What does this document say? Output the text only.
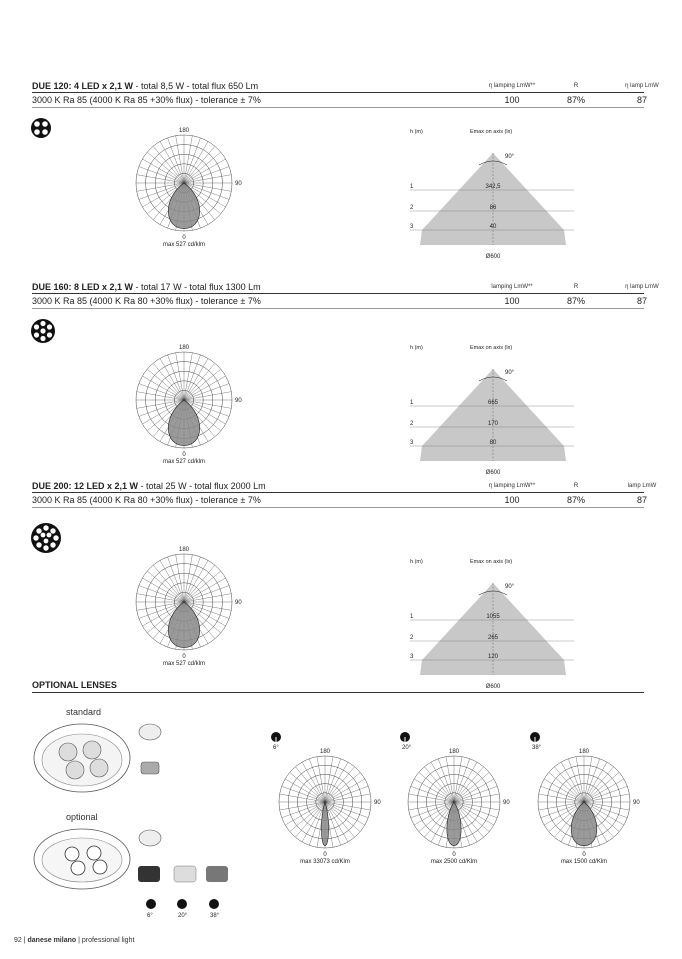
DUE 120: 4 LED x 2,1 W - total 8,5 W - total flux 650 Lm	η lamping LmW**	R	η lamp LmW
3000 K Ra 85 (4000 K Ra 85 +30% flux) - tolerance ± 7%	100	87%	87
DUE 160: 8 LED x 2,1 W - total 17 W - total flux 1300 Lm	lamping LmW**	R	η lamp LmW
3000 K Ra 85 (4000 K Ra 80 +30% flux) - tolerance ± 7%	100	87%	87
DUE 200: 12 LED x 2,1 W - total 25 W - total flux 2000 Lm	η lamping LmW**	R	lamp LmW
3000 K Ra 85 (4000 K Ra 80 +30% flux) - tolerance ± 7%	100	87%	87
180
90
0
max 527 cd/klm
180
90
0
max 527 cd/klm
180
90
0
max 527 cd/klm
h (m)	Emax on axis (lx)
90°
1	342,5
2	86
3	40
Ø600
h (m)	Emax on axis (lx)
90°
1	665
2	170
3	80
Ø600
h (m)	Emax on axis (lx)
90°
1	1055
2	265
3	120
Ø600
OPTIONAL LENSES
standard
optional
6°	20°	38°
6°
180
90
0
max 33073 cd/Klm
20°
180
90
0
max 2500 cd/Klm
38°
180
90
0
max 1500 cd/Klm
92 | danese milano | professional light
